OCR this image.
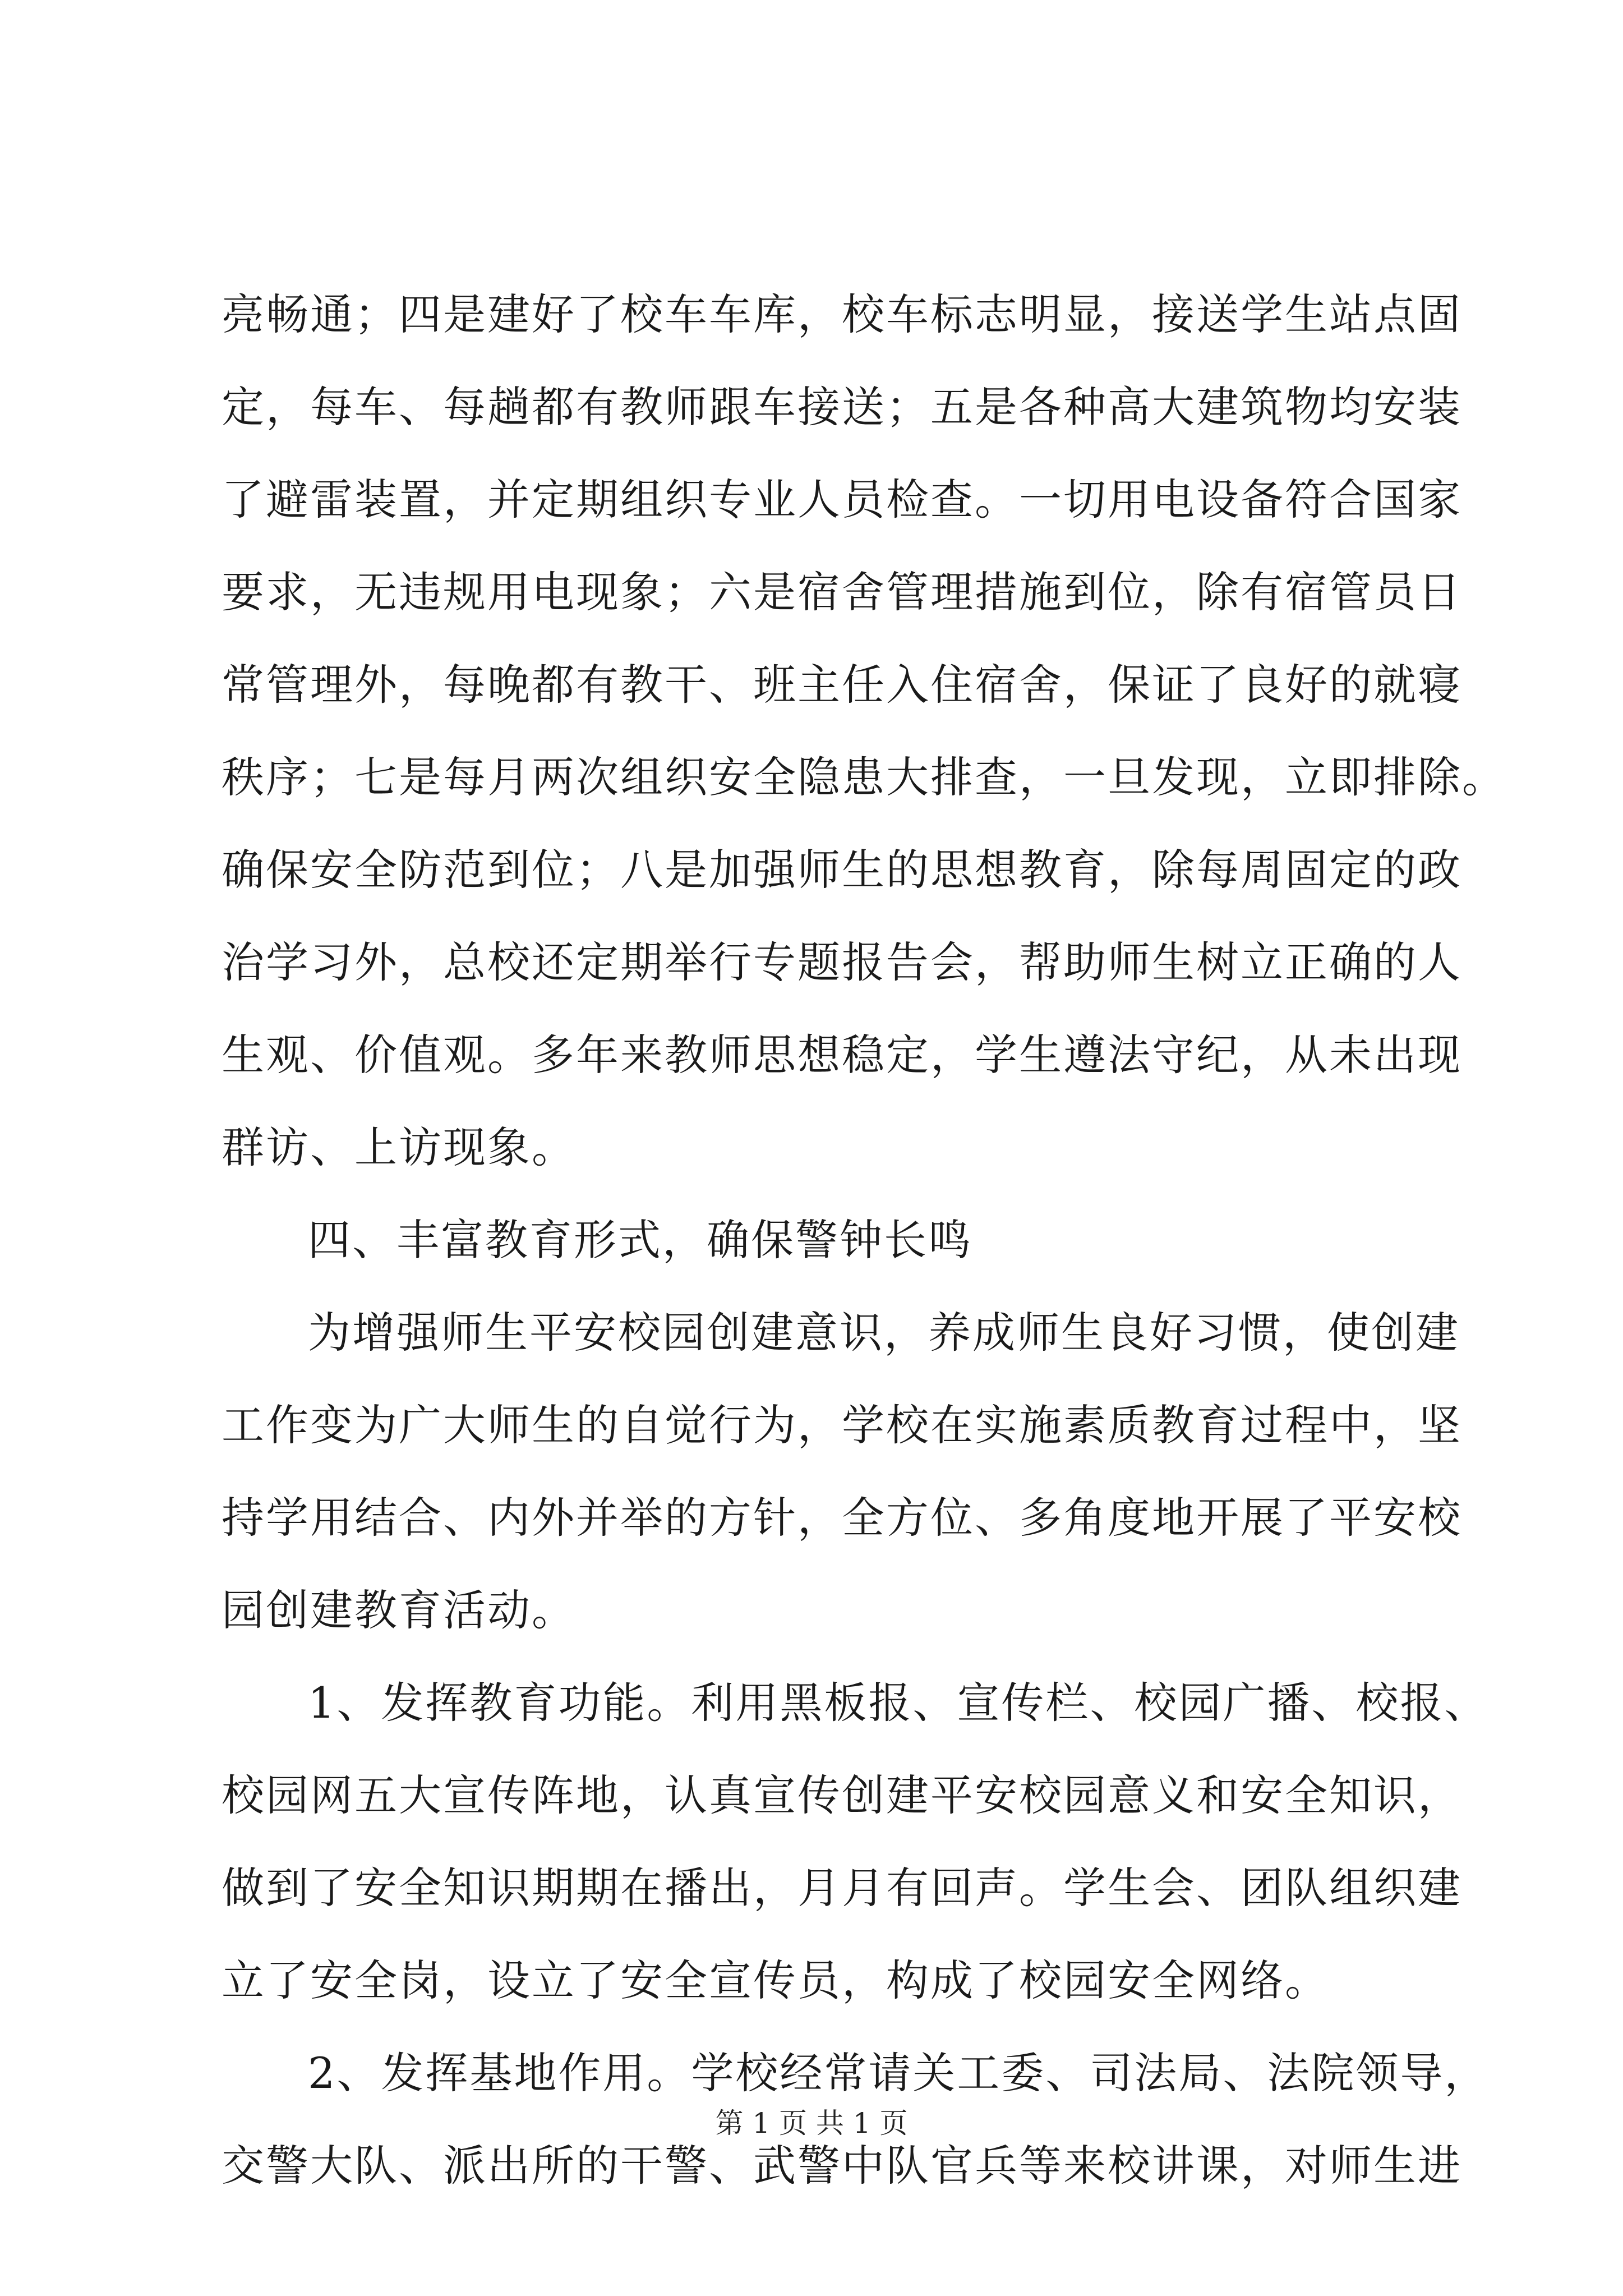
亮畅通；四是建好了校车车库，校车标志明显，接送学生站点固
定，每车、每趟都有教师跟车接送；五是各种高大建筑物均安装
了避雷装置，并定期组织专业人员检查。一切用电设备符合国家
要求，无违规用电现象；六是宿舍管理措施到位，除有宿管员日
常管理外，每晚都有教干、班主任入住宿舍，保证了良好的就寝
秩序；七是每月两次组织安全隐患大排查，一旦发现，立即排除。
确保安全防范到位；八是加强师生的思想教育，除每周固定的政
治学习外，总校还定期举行专题报告会，帮助师生树立正确的人
生观、价值观。多年来教师思想稳定，学生遵法守纪，从未出现
群访、上访现象。
四、丰富教育形式，确保警钟长鸣
为增强师生平安校园创建意识，养成师生良好习惯，使创建
工作变为广大师生的自觉行为，学校在实施素质教育过程中，坚
持学用结合、内外并举的方针，全方位、多角度地开展了平安校
园创建教育活动。
1、发挥教育功能。利用黑板报、宣传栏、校园广播、校报、
校园网五大宣传阵地，认真宣传创建平安校园意义和安全知识，
做到了安全知识期期在播出，月月有回声。学生会、团队组织建
立了安全岗，设立了安全宣传员，构成了校园安全网络。
2、发挥基地作用。学校经常请关工委、司法局、法院领导，
交警大队、派出所的干警、武警中队官兵等来校讲课，对师生进
第 1 页 共 1 页
